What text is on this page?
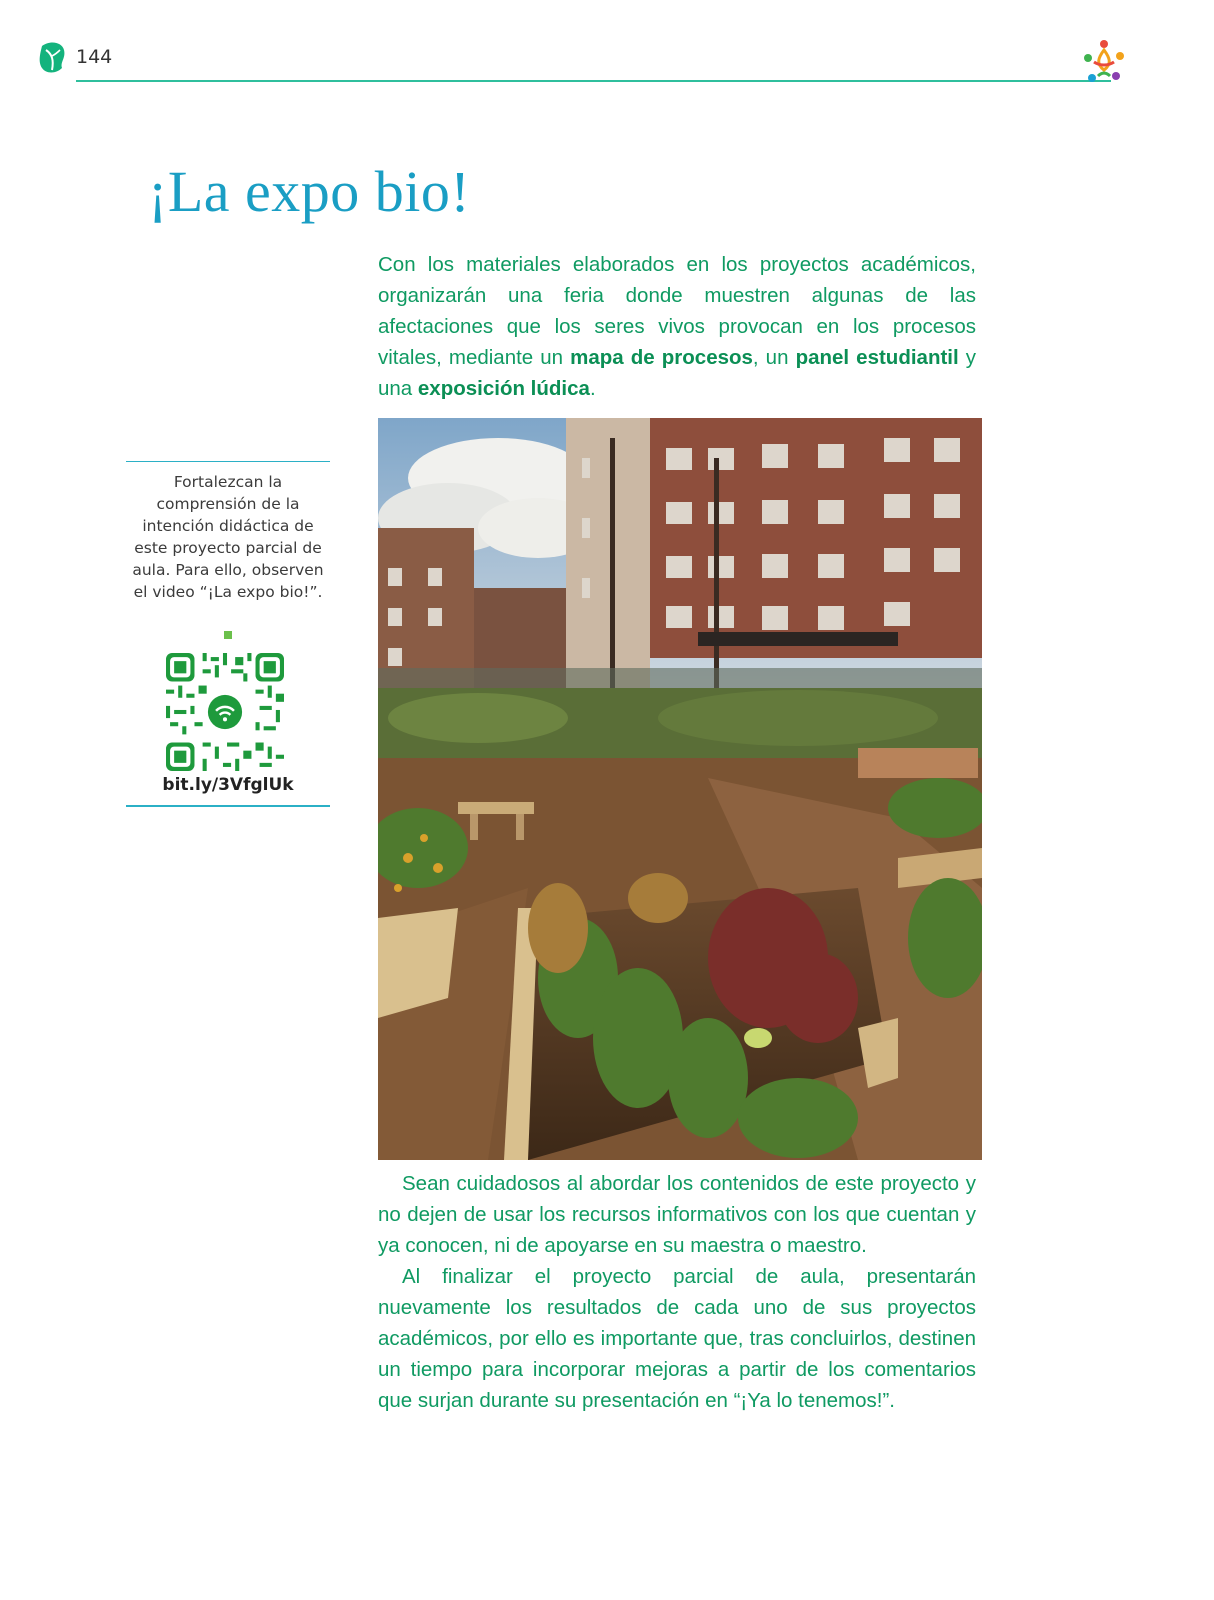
144
¡La expo bio!
Con los materiales elaborados en los proyectos académicos, organizarán una feria donde muestren algunas de las afectaciones que los seres vivos provocan en los procesos vitales, mediante un mapa de procesos, un panel estudiantil y una exposición lúdica.
Fortalezcan la comprensión de la intención didáctica de este proyecto parcial de aula. Para ello, observen el video “¡La expo bio!”.
bit.ly/3VfglUk

Sean cuidadosos al abordar los contenidos de este proyecto y no dejen de usar los recursos informativos con los que cuentan y ya conocen, ni de apoyarse en su maestra o maestro.

Al finalizar el proyecto parcial de aula, presentarán nuevamente los resultados de cada uno de sus proyectos académicos, por ello es importante que, tras concluirlos, destinen un tiempo para incorporar mejoras a partir de los comentarios que surjan durante su presentación en “¡Ya lo tenemos!”.
